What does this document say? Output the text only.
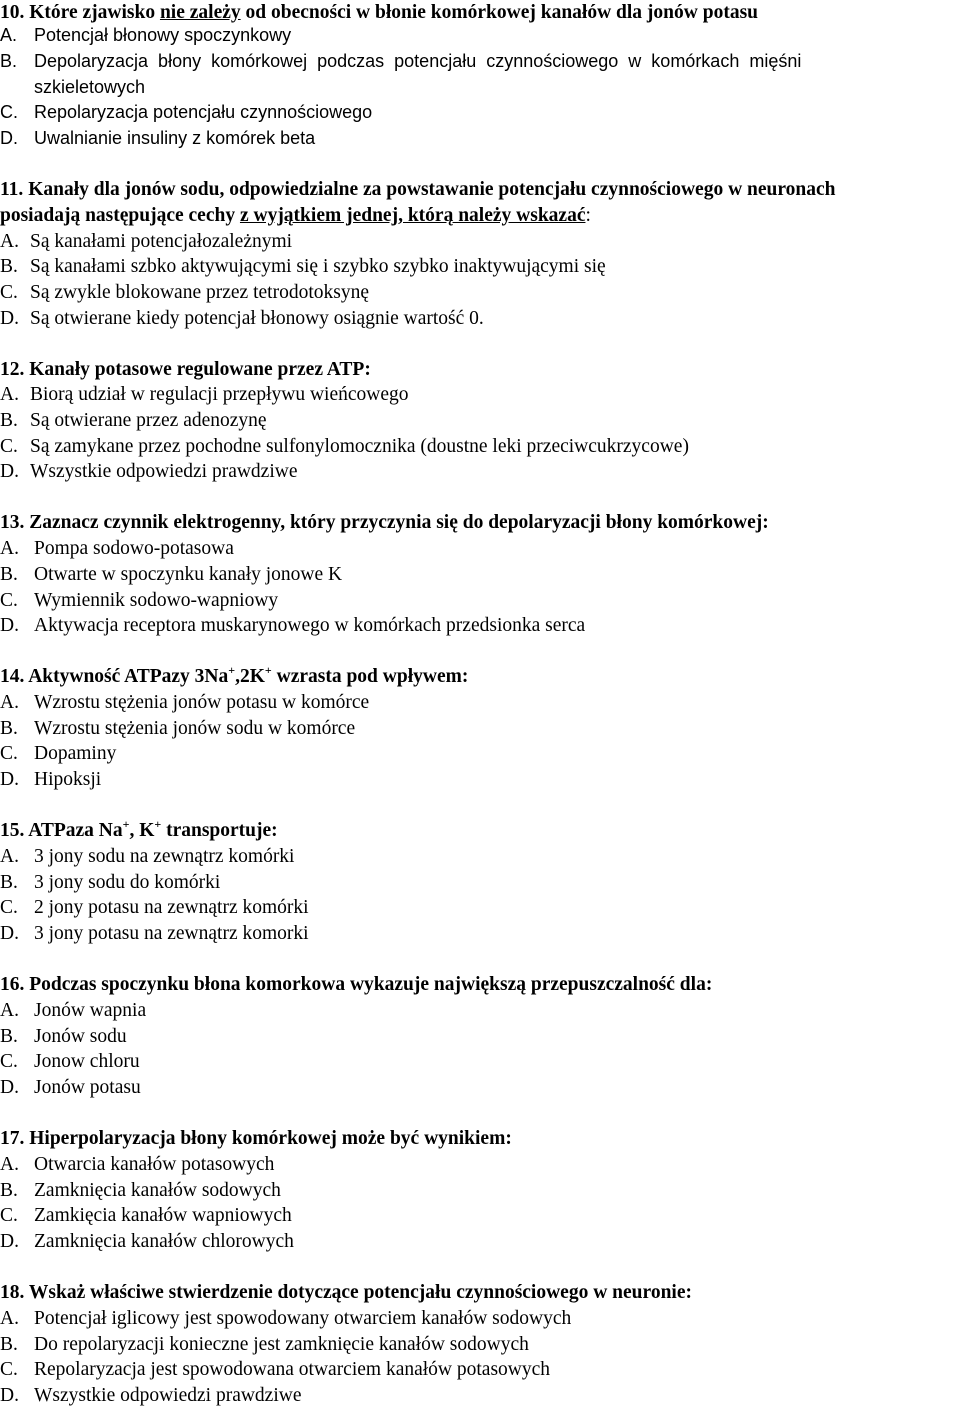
10. Które zjawisko nie zależy od obecności w błonie komórkowej kanałów dla jonów potasu
A. Potencjał błonowy spoczynkowy
B. Depolaryzacja błony komórkowej podczas potencjału czynnościowego w komórkach mięśni
szkieletowych
C. Repolaryzacja potencjału czynnościowego
D. Uwalnianie insuliny z komórek beta
11. Kanały dla jonów sodu, odpowiedzialne za powstawanie potencjału czynnościowego w neuronach
posiadają następujące cechy z wyjątkiem jednej, którą należy wskazać:
A. Są kanałami potencjałozależnymi
B. Są kanałami szbko aktywującymi się i szybko szybko inaktywującymi się
C. Są zwykle blokowane przez tetrodotoksynę
D. Są otwierane kiedy potencjał błonowy osiągnie wartość 0.
12. Kanały potasowe regulowane przez ATP:
A. Biorą udział w regulacji przepływu wieńcowego
B. Są otwierane przez adenozynę
C. Są zamykane przez pochodne sulfonylomocznika (doustne leki przeciwcukrzycowe)
D. Wszystkie odpowiedzi prawdziwe
13. Zaznacz czynnik elektrogenny, który przyczynia się do depolaryzacji błony komórkowej:
A. Pompa sodowo-potasowa
B. Otwarte w spoczynku kanały jonowe K
C. Wymiennik sodowo-wapniowy
D. Aktywacja receptora muskarynowego w komórkach przedsionka serca
14. Aktywność ATPazy 3Na+,2K+ wzrasta pod wpływem:
A. Wzrostu stężenia jonów potasu w komórce
B. Wzrostu stężenia jonów sodu w komórce
C. Dopaminy
D. Hipoksji
15. ATPaza Na+, K+ transportuje:
A. 3 jony sodu na zewnątrz komórki
B. 3 jony sodu do komórki
C. 2 jony potasu na zewnątrz komórki
D. 3 jony potasu na zewnątrz komorki
16. Podczas spoczynku błona komorkowa wykazuje największą przepuszczalność dla:
A. Jonów wapnia
B. Jonów sodu
C. Jonow chloru
D. Jonów potasu
17. Hiperpolaryzacja błony komórkowej może być wynikiem:
A. Otwarcia kanałów potasowych
B. Zamknięcia kanałów sodowych
C. Zamkięcia kanałów wapniowych
D. Zamknięcia kanałów chlorowych
18. Wskaż właściwe stwierdzenie dotyczące potencjału czynnościowego w neuronie:
A. Potencjał iglicowy jest spowodowany otwarciem kanałów sodowych
B. Do repolaryzacji konieczne jest zamknięcie kanałów sodowych
C. Repolaryzacja jest spowodowana otwarciem kanałów potasowych
D. Wszystkie odpowiedzi prawdziwe
